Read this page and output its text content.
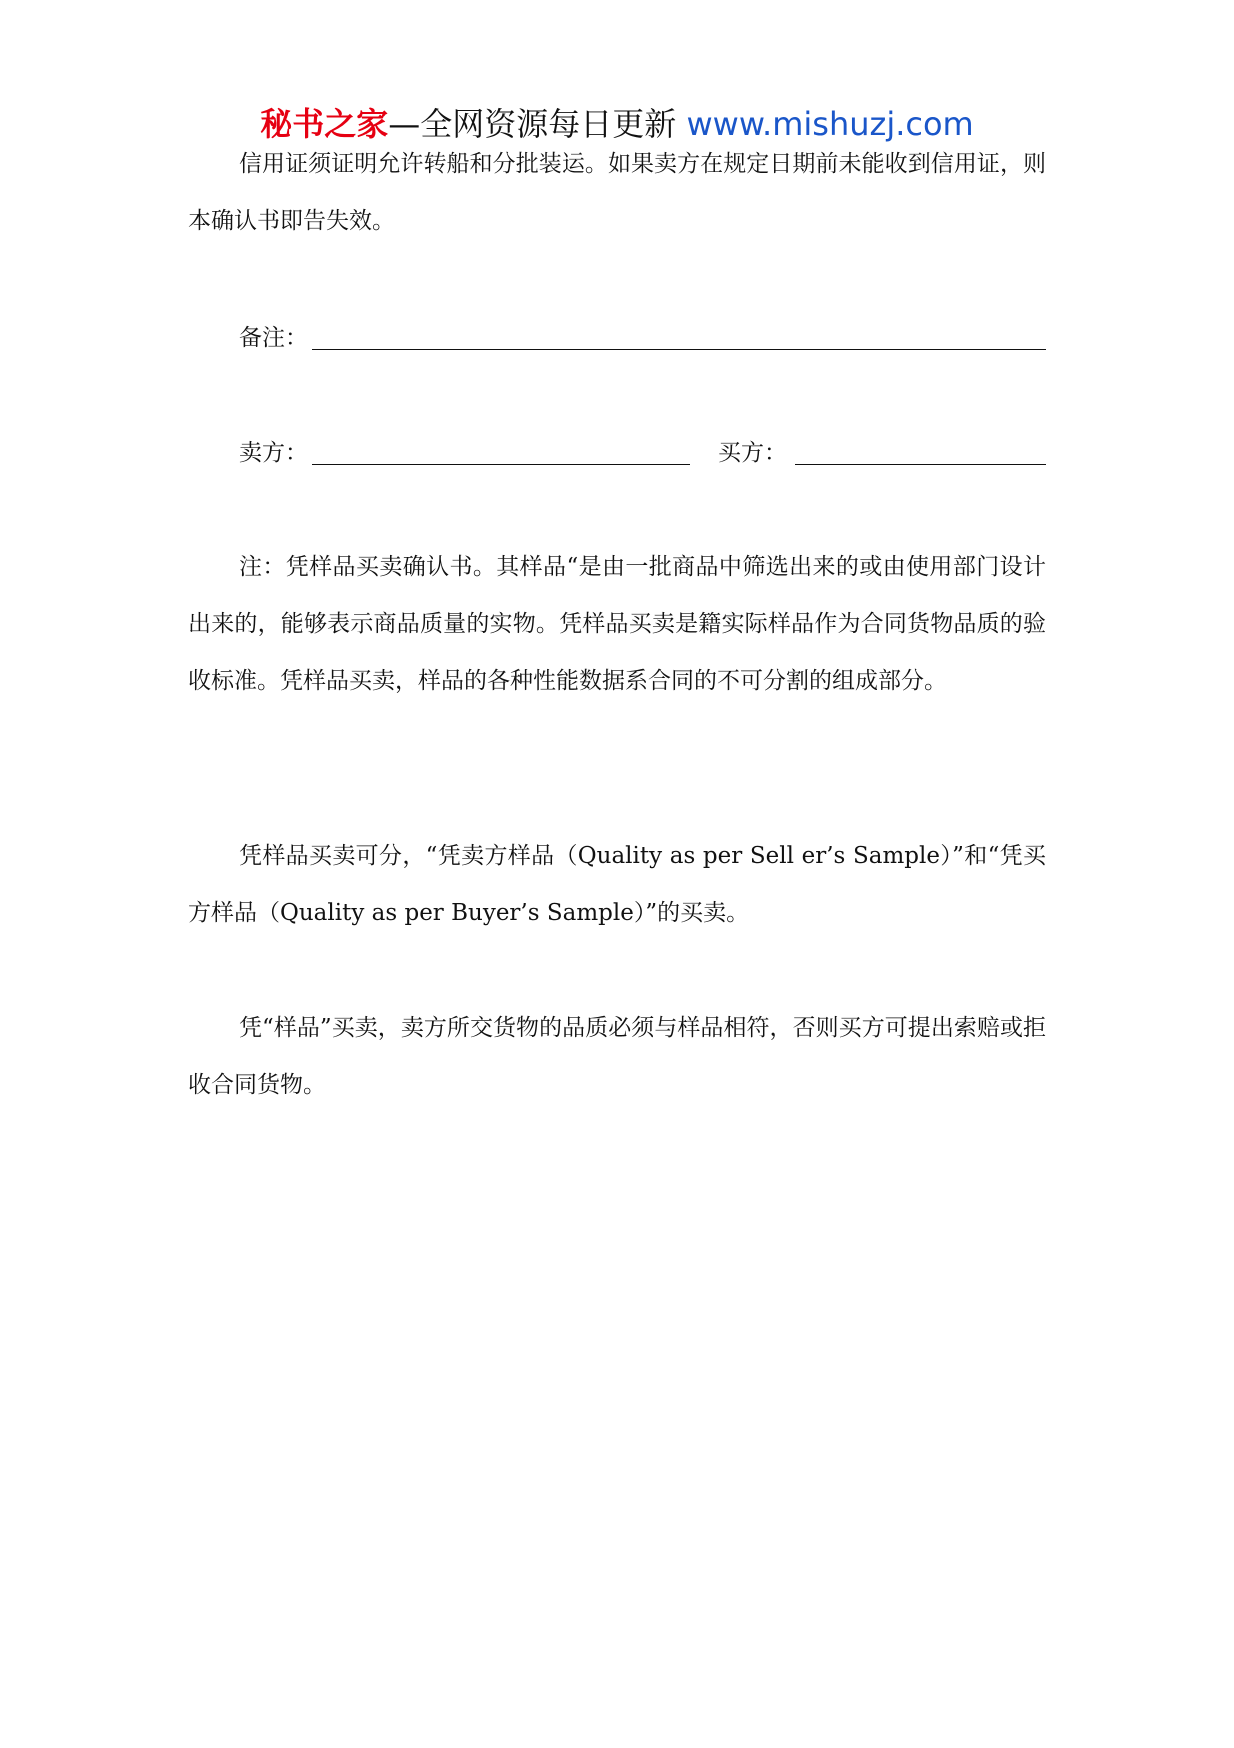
秘书之家—全网资源每日更新 www.mishuzj.com
信用证须证明允许转船和分批装运。如果卖方在规定日期前未能收到信用证，则本确认书即告失效。
备注：
卖方：	买方：
注：凭样品买卖确认书。其样品“是由一批商品中筛选出来的或由使用部门设计出来的，能够表示商品质量的实物。凭样品买卖是籍实际样品作为合同货物品质的验收标准。凭样品买卖，样品的各种性能数据系合同的不可分割的组成部分。
凭样品买卖可分，“凭卖方样品（Quality as per Sell er’s Sample）”和“凭买方样品（Quality as per Buyer’s Sample）”的买卖。
凭“样品”买卖，卖方所交货物的品质必须与样品相符，否则买方可提出索赔或拒收合同货物。
